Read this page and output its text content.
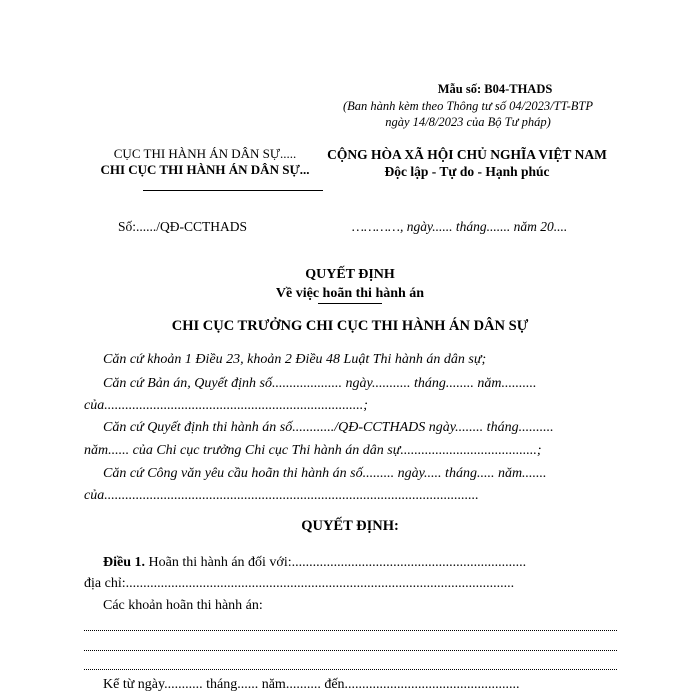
Mẫu số: B04-THADS
(Ban hành kèm theo Thông tư số 04/2023/TT-BTP
ngày 14/8/2023 của Bộ Tư pháp)
CỤC THI HÀNH ÁN DÂN SỰ.....
CHI CỤC THI HÀNH ÁN DÂN SỰ...
CỘNG HÒA XÃ HỘI CHỦ NGHĨA VIỆT NAM
Độc lập - Tự do - Hạnh phúc
Số:....../QĐ-CCTHADS	…………, ngày...... tháng....... năm 20....
QUYẾT ĐỊNH
Về việc hoãn thi hành án
CHI CỤC TRƯỞNG CHI CỤC THI HÀNH ÁN DÂN SỰ
Căn cứ khoản 1 Điều 23, khoản 2 Điều 48 Luật Thi hành án dân sự;
Căn cứ Bản án, Quyết định số.................... ngày........... tháng........ năm..........
của..........................................................................;
Căn cứ Quyết định thi hành án số............/QĐ-CCTHADS ngày........ tháng..........
năm...... của Chi cục trưởng Chi cục Thi hành án dân sự.......................................;
Căn cứ Công văn yêu cầu hoãn thi hành án số......... ngày..... tháng..... năm.......
của...........................................................................................................
QUYẾT ĐỊNH:
Điều 1. Hoãn thi hành án đối với:...................................................................
địa chỉ:...............................................................................................................
Các khoản hoãn thi hành án:
Kể từ ngày........... tháng...... năm.......... đến..................................................
